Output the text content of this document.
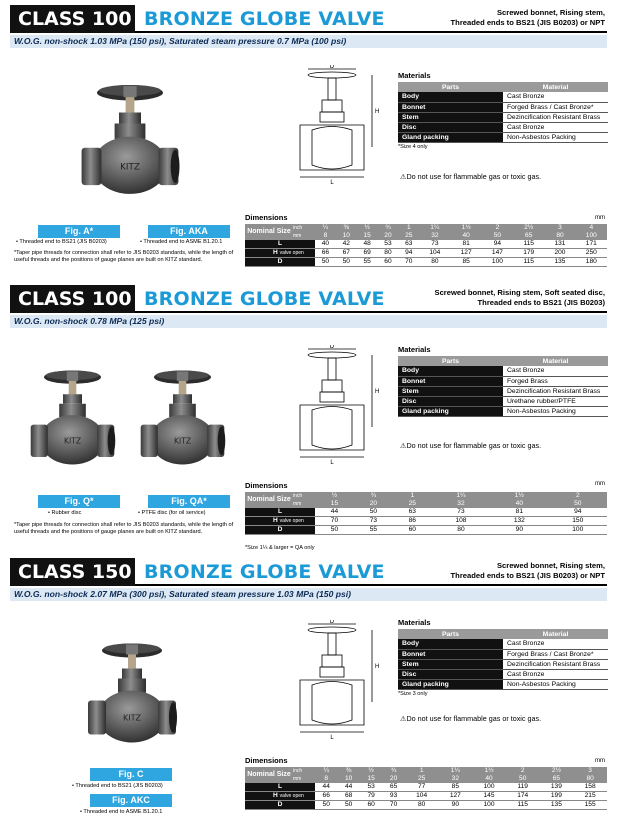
CLASS 100 BRONZE GLOBE VALVE	Screwed bonnet, Rising stem,
Threaded ends to BS21 (JIS B0203) or NPT
W.O.G. non-shock 1.03 MPa (150 psi), Saturated steam pressure 0.7 MPa (100 psi)
KITZ
Fig. A*	Fig. AKA
• Threaded end to BS21 (JIS B0203)	• Threaded end to ASME B1.20.1
*Taper pipe threads for connection shall refer to JIS B0203 standards, while the length of useful threads and the positions of gauge planes are built on KITZ standard.
D
H
L
Materials
Parts	Material
Body	Cast Bronze
Bonnet	Forged Brass / Cast Bronze*
Stem	Dezincification Resistant Brass
Disc	Cast Bronze
Gland packing	Non-Asbestos Packing
*Size 4 only
⚠Do not use for flammable gas or toxic gas.
Dimensions	mm
Nominal Size	inch	¼	⅜	½	¾	1	1¼	1½	2	2½	3	4
	mm	8	10	15	20	25	32	40	50	65	80	100
L		40	42	48	53	63	73	81	94	115	131	171
H valve open		66	67	69	80	94	104	127	147	179	200	250
D		50	50	55	60	70	80	85	100	115	135	180
CLASS 100 BRONZE GLOBE VALVE	Screwed bonnet, Rising stem, Soft seated disc,
Threaded ends to BS21 (JIS B0203)
W.O.G. non-shock 0.78 MPa (125 psi)
KITZ	KITZ
Fig. Q*	Fig. QA*
• Rubber disc	• PTFE disc (for oil service)
*Taper pipe threads for connection shall refer to JIS B0203 standards, while the length of useful threads and the positions of gauge planes are built on KITZ standard.
D
H
L
Materials
Parts	Material
Body	Cast Bronze
Bonnet	Forged Brass
Stem	Dezincification Resistant Brass
Disc	Urethane rubber/PTFE
Gland packing	Non-Asbestos Packing
⚠Do not use for flammable gas or toxic gas.
Dimensions	mm
Nominal Size	inch	½	¾	1	1¼	1½	2
	mm	15	20	25	32	40	50
L		44	50	63	73	81	94
H valve open		70	73	86	108	132	150
D		50	55	60	80	90	100
*Size 1¼ & larger = QA only
CLASS 150 BRONZE GLOBE VALVE	Screwed bonnet, Rising stem,
Threaded ends to BS21 (JIS B0203) or NPT
W.O.G. non-shock 2.07 MPa (300 psi), Saturated steam pressure 1.03 MPa (150 psi)
KITZ
Fig. C
• Threaded end to BS21 (JIS B0203)
Fig. AKC
• Threaded end to ASME B1.20.1
D
H
L
Materials
Parts	Material
Body	Cast Bronze
Bonnet	Forged Brass / Cast Bronze*
Stem	Dezincification Resistant Brass
Disc	Cast Bronze
Gland packing	Non-Asbestos Packing
*Size 3 only
⚠Do not use for flammable gas or toxic gas.
Dimensions	mm
Nominal Size	inch	¼	⅜	½	¾	1	1¼	1½	2	2½	3
	mm	8	10	15	20	25	32	40	50	65	80
L		44	44	53	65	77	85	100	119	139	158
H valve open		66	68	79	93	104	127	145	174	199	215
D		50	50	60	70	80	90	100	115	135	155
